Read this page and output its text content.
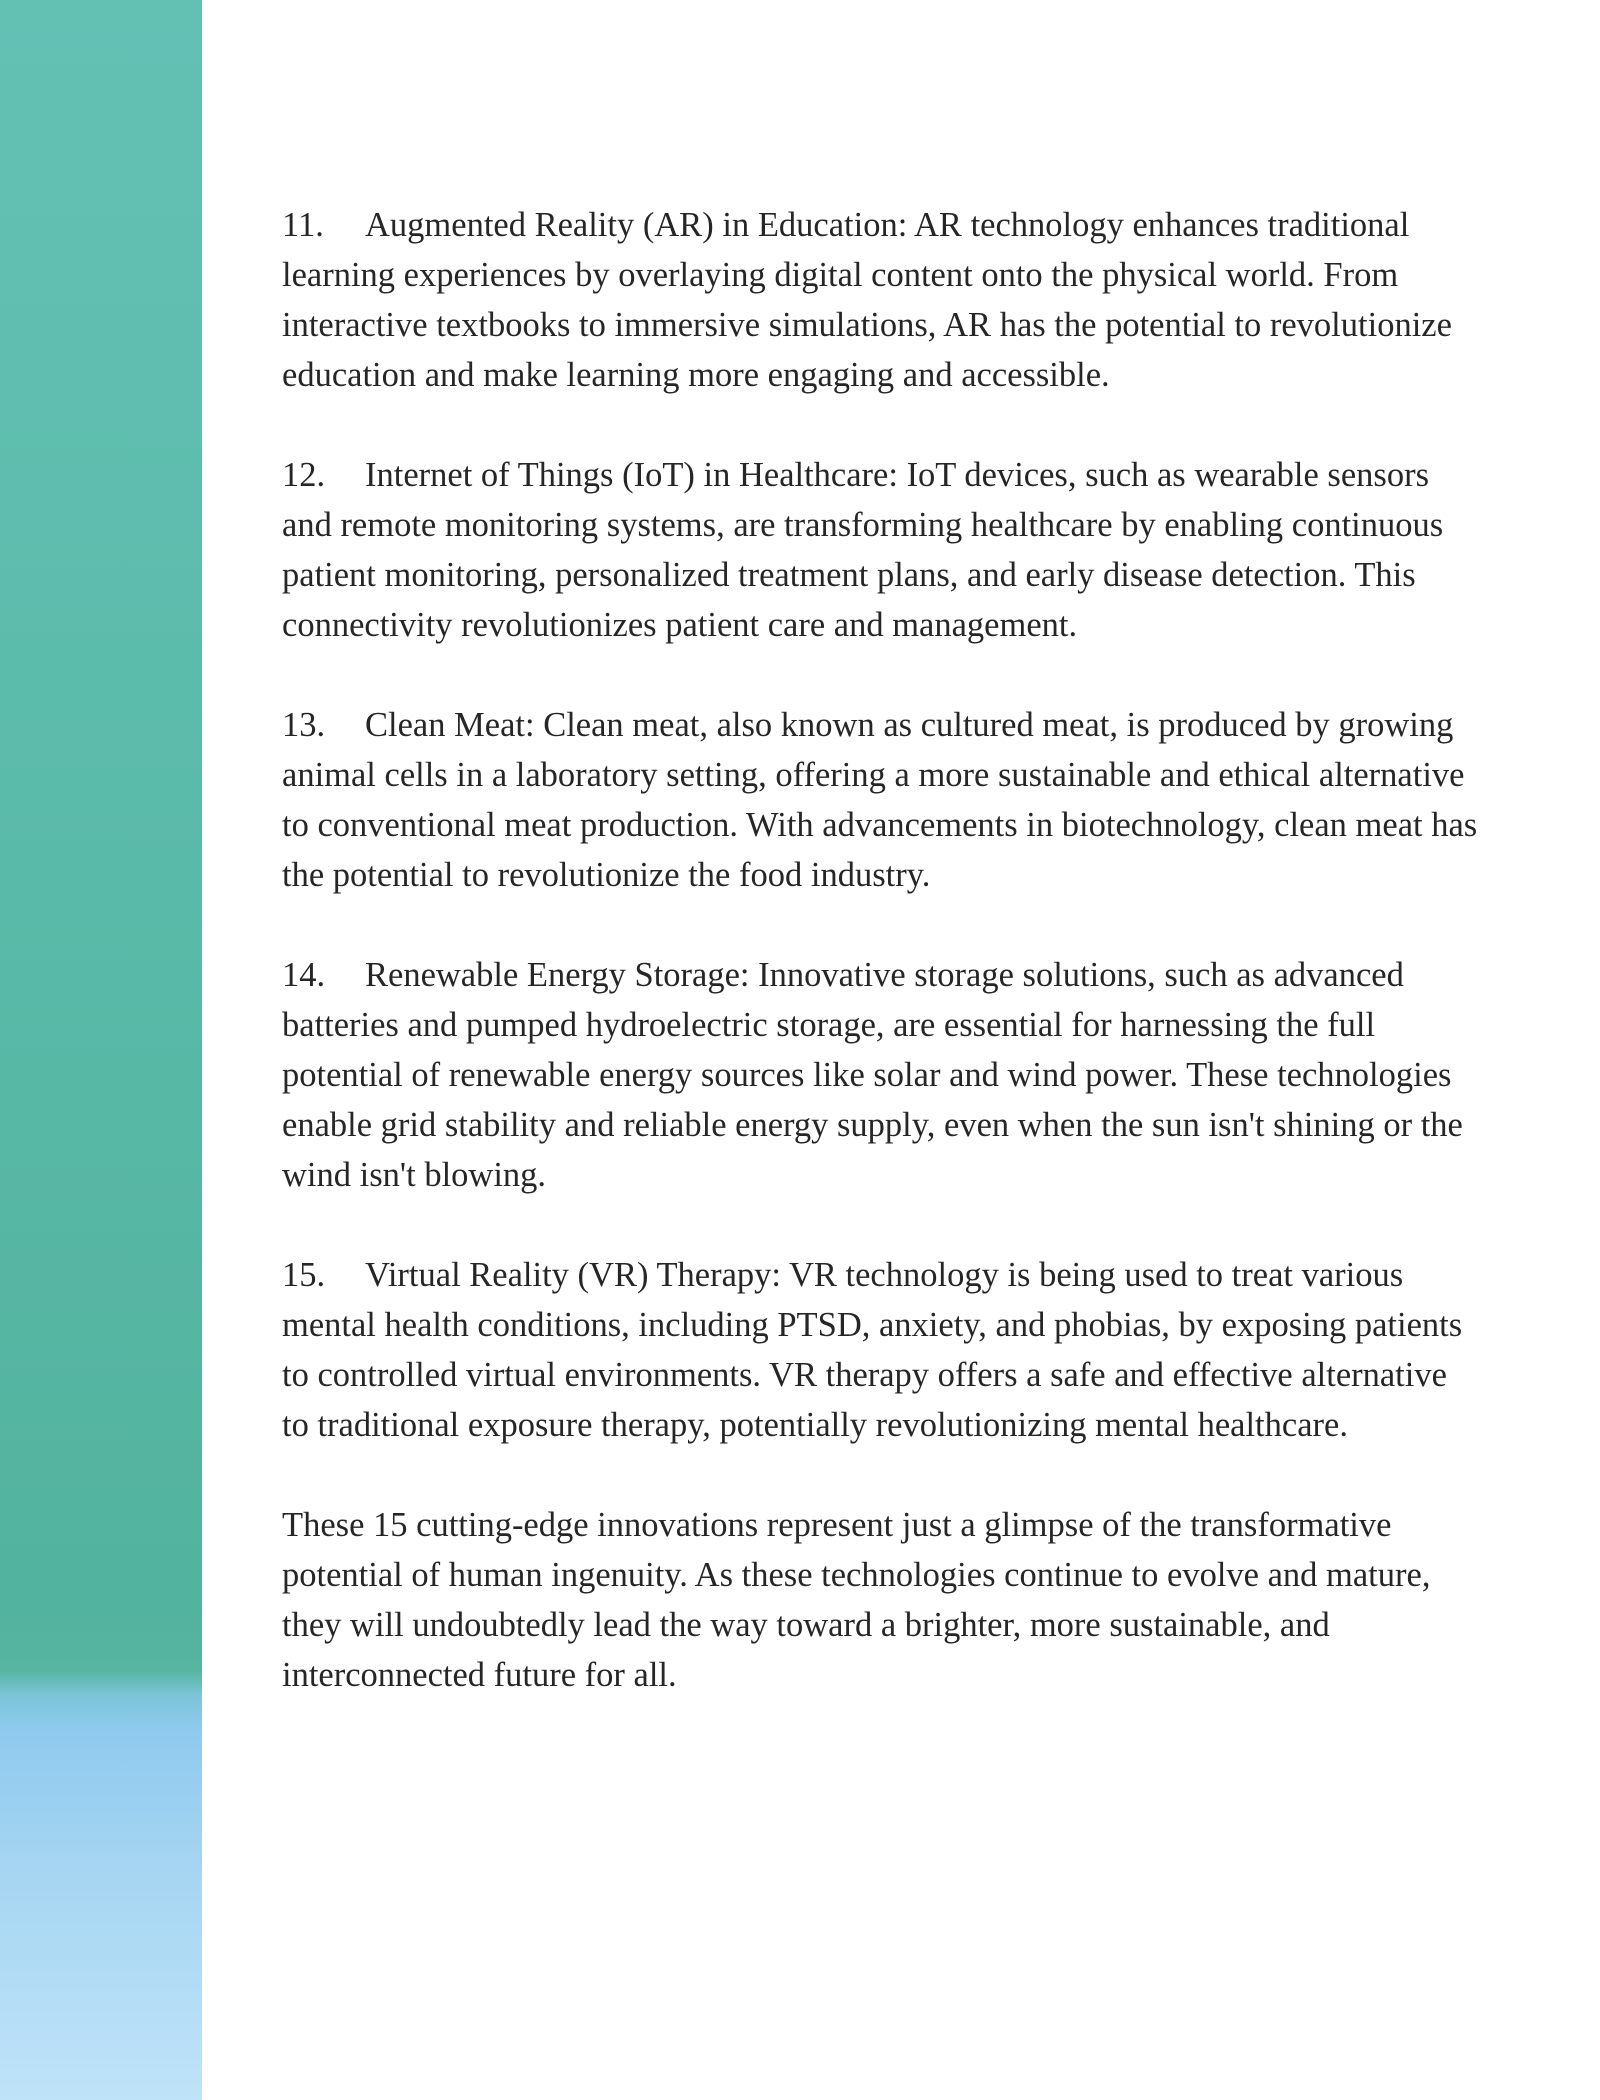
11. Augmented Reality (AR) in Education: AR technology enhances traditional learning experiences by overlaying digital content onto the physical world. From interactive textbooks to immersive simulations, AR has the potential to revolutionize education and make learning more engaging and accessible.

12. Internet of Things (IoT) in Healthcare: IoT devices, such as wearable sensors and remote monitoring systems, are transforming healthcare by enabling continuous patient monitoring, personalized treatment plans, and early disease detection. This connectivity revolutionizes patient care and management.

13. Clean Meat: Clean meat, also known as cultured meat, is produced by growing animal cells in a laboratory setting, offering a more sustainable and ethical alternative to conventional meat production. With advancements in biotechnology, clean meat has the potential to revolutionize the food industry.

14. Renewable Energy Storage: Innovative storage solutions, such as advanced batteries and pumped hydroelectric storage, are essential for harnessing the full potential of renewable energy sources like solar and wind power. These technologies enable grid stability and reliable energy supply, even when the sun isn't shining or the wind isn't blowing.

15. Virtual Reality (VR) Therapy: VR technology is being used to treat various mental health conditions, including PTSD, anxiety, and phobias, by exposing patients to controlled virtual environments. VR therapy offers a safe and effective alternative to traditional exposure therapy, potentially revolutionizing mental healthcare.

These 15 cutting-edge innovations represent just a glimpse of the transformative potential of human ingenuity. As these technologies continue to evolve and mature, they will undoubtedly lead the way toward a brighter, more sustainable, and interconnected future for all.
